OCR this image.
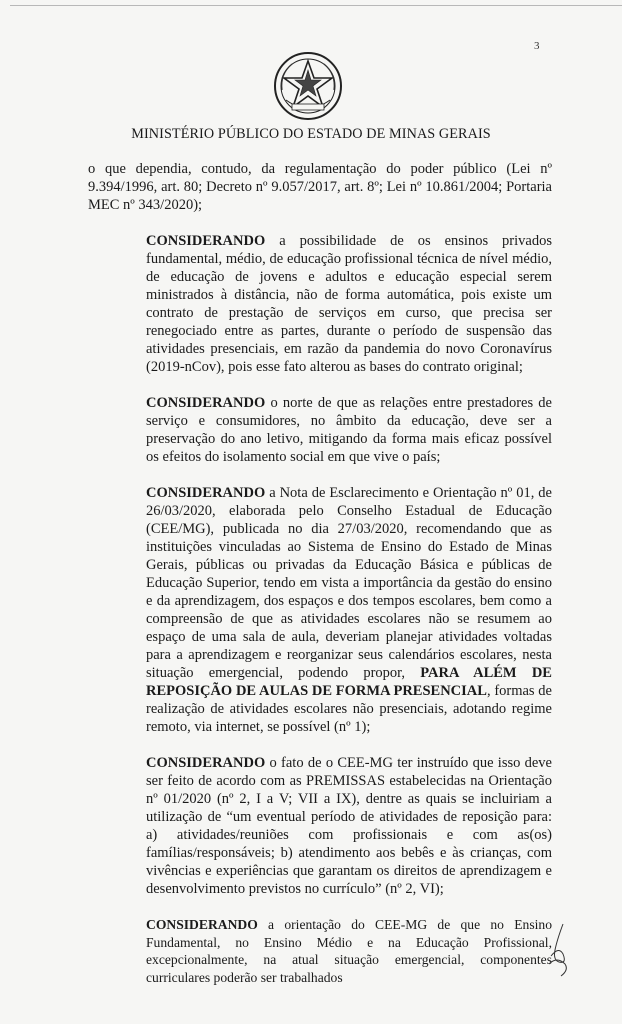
3
MINISTÉRIO PÚBLICO DO ESTADO DE MINAS GERAIS

o que dependia, contudo, da regulamentação do poder público (Lei nº 9.394/1996, art. 80; Decreto nº 9.057/2017, art. 8º; Lei nº 10.861/2004; Portaria MEC nº 343/2020);

CONSIDERANDO a possibilidade de os ensinos privados fundamental, médio, de educação profissional técnica de nível médio, de educação de jovens e adultos e educação especial serem ministrados à distância, não de forma automática, pois existe um contrato de prestação de serviços em curso, que precisa ser renegociado entre as partes, durante o período de suspensão das atividades presenciais, em razão da pandemia do novo Coronavírus (2019-nCov), pois esse fato alterou as bases do contrato original;

CONSIDERANDO o norte de que as relações entre prestadores de serviço e consumidores, no âmbito da educação, deve ser a preservação do ano letivo, mitigando da forma mais eficaz possível os efeitos do isolamento social em que vive o país;

CONSIDERANDO a Nota de Esclarecimento e Orientação nº 01, de 26/03/2020, elaborada pelo Conselho Estadual de Educação (CEE/MG), publicada no dia 27/03/2020, recomendando que as instituições vinculadas ao Sistema de Ensino do Estado de Minas Gerais, públicas ou privadas da Educação Básica e públicas de Educação Superior, tendo em vista a importância da gestão do ensino e da aprendizagem, dos espaços e dos tempos escolares, bem como a compreensão de que as atividades escolares não se resumem ao espaço de uma sala de aula, deveriam planejar atividades voltadas para a aprendizagem e reorganizar seus calendários escolares, nesta situação emergencial, podendo propor, PARA ALÉM DE REPOSIÇÃO DE AULAS DE FORMA PRESENCIAL, formas de realização de atividades escolares não presenciais, adotando regime remoto, via internet, se possível (nº 1);

CONSIDERANDO o fato de o CEE-MG ter instruído que isso deve ser feito de acordo com as PREMISSAS estabelecidas na Orientação nº 01/2020 (nº 2, I a V; VII a IX), dentre as quais se incluiriam a utilização de “um eventual período de atividades de reposição para: a) atividades/reuniões com profissionais e com as(os) famílias/responsáveis; b) atendimento aos bebês e às crianças, com vivências e experiências que garantam os direitos de aprendizagem e desenvolvimento previstos no currículo” (nº 2, VI);

CONSIDERANDO a orientação do CEE-MG de que no Ensino Fundamental, no Ensino Médio e na Educação Profissional, excepcionalmente, na atual situação emergencial, componentes curriculares poderão ser trabalhados
